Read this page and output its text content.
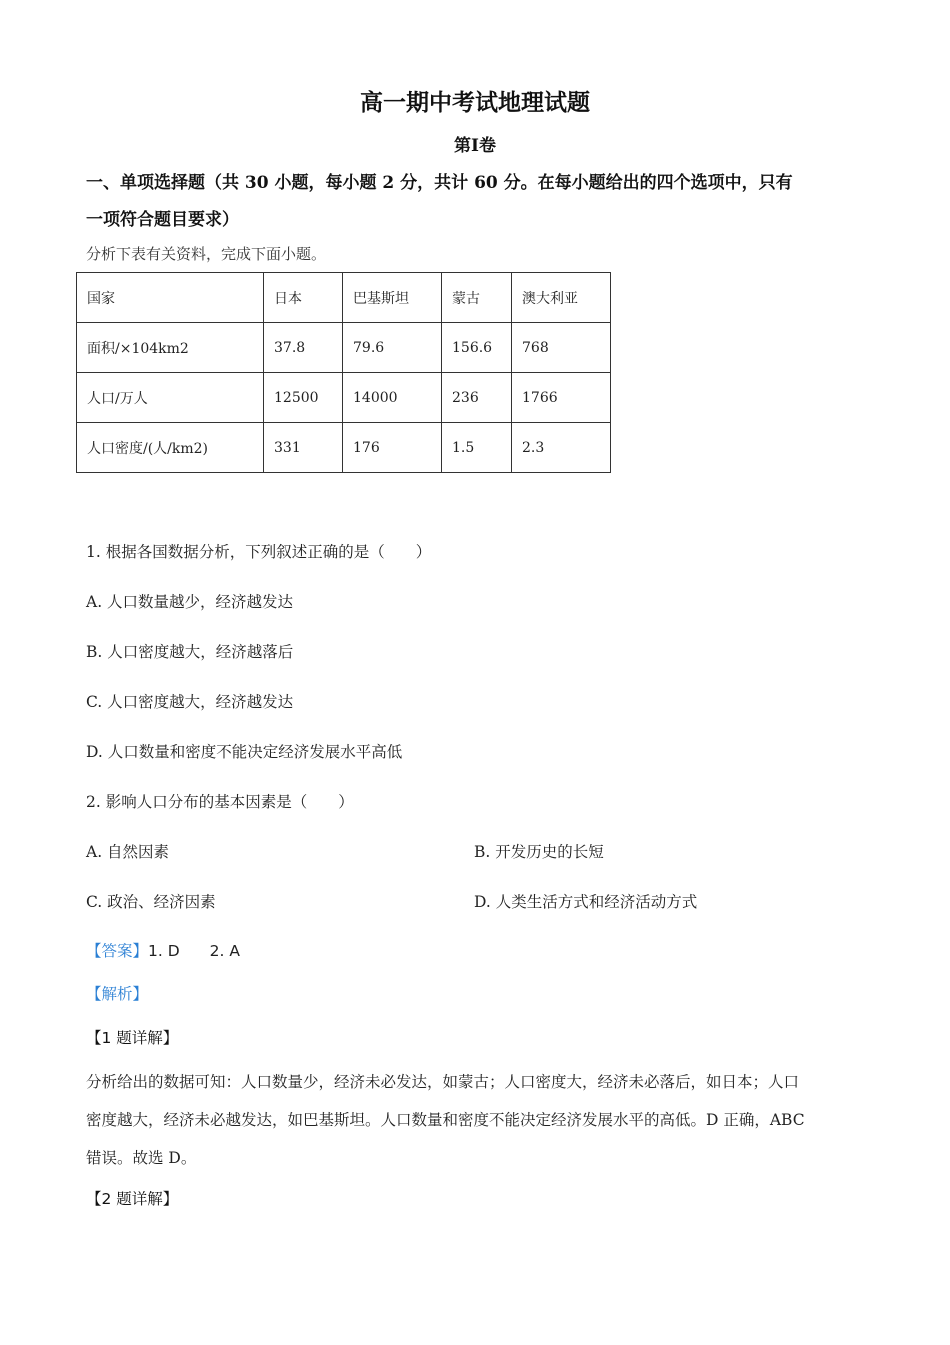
高一期中考试地理试题
第Ⅰ卷
一、单项选择题（共 30 小题，每小题 2 分，共计 60 分。在每小题给出的四个选项中，只有
一项符合题目要求）
分析下表有关资料，完成下面小题。
国家	日本	巴基斯坦	蒙古	澳大利亚
面积/×104km2	37.8	79.6	156.6	768
人口/万人	12500	14000	236	1766
人口密度/(人/km2)	331	176	1.5	2.3
1. 根据各国数据分析，下列叙述正确的是（　　）
A. 人口数量越少，经济越发达
B. 人口密度越大，经济越落后
C. 人口密度越大，经济越发达
D. 人口数量和密度不能决定经济发展水平高低
2. 影响人口分布的基本因素是（　　）
A. 自然因素	B. 开发历史的长短
C. 政治、经济因素	D. 人类生活方式和经济活动方式
【答案】1. D 2. A
【解析】
【1 题详解】
分析给出的数据可知：人口数量少，经济未必发达，如蒙古；人口密度大，经济未必落后，如日本；人口
密度越大，经济未必越发达，如巴基斯坦。人口数量和密度不能决定经济发展水平的高低。D 正确，ABC
错误。故选 D。
【2 题详解】
